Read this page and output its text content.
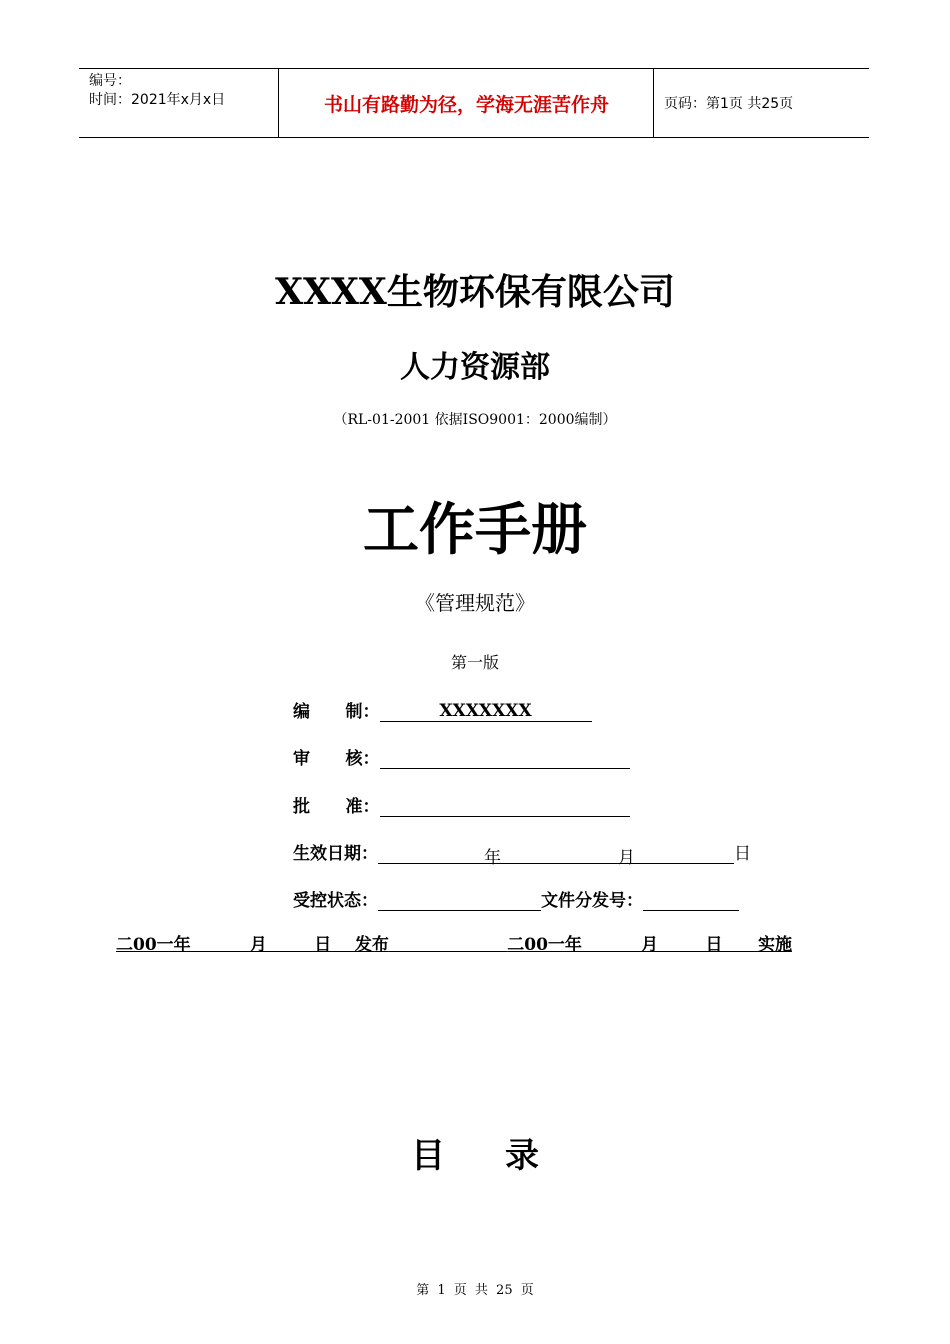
编号：
时间：2021年x月x日	书山有路勤为径，学海无涯苦作舟	页码：第1页 共25页
XXXX生物环保有限公司
人力资源部
（RL-01-2001 依据ISO9001：2000编制）
工作手册
《管理规范》
第一版
编      制：	XXXXXXX
审      核：
批      准：
生效日期：	年	月	日
受控状态：	文件分发号：
二00一年          月        日    发布	二00一年          月        日      实施
目录
第 1 页 共 25 页
